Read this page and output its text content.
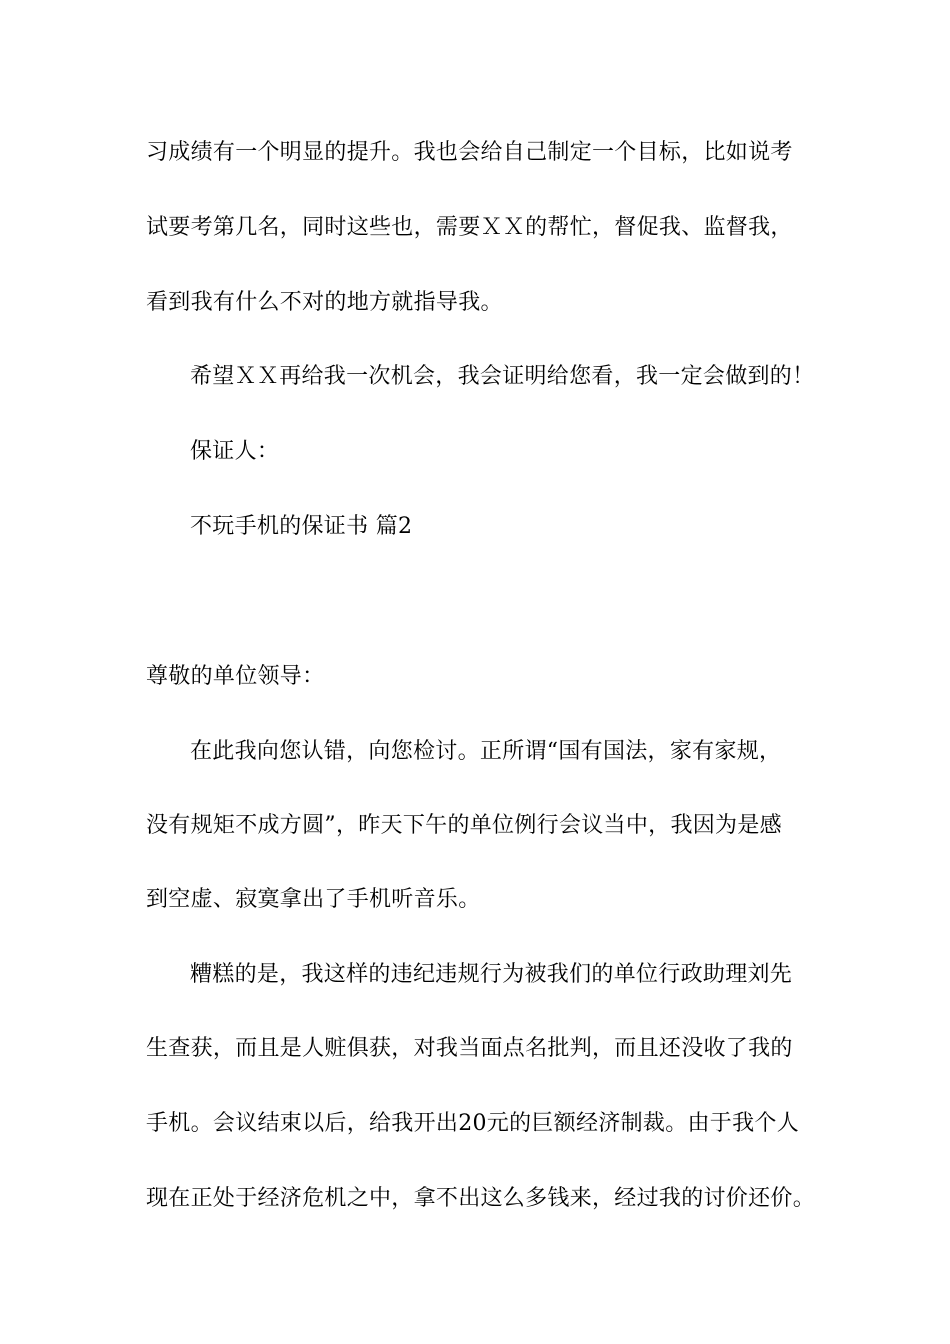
习成绩有一个明显的提升。我也会给自己制定一个目标，比如说考
试要考第几名，同时这些也，需要ＸＸ的帮忙，督促我、监督我，
看到我有什么不对的地方就指导我。
希望ＸＸ再给我一次机会，我会证明给您看，我一定会做到的！
保证人：
不玩手机的保证书 篇2
尊敬的单位领导：
在此我向您认错，向您检讨。正所谓“国有国法，家有家规，
没有规矩不成方圆”，昨天下午的单位例行会议当中，我因为是感
到空虚、寂寞拿出了手机听音乐。
糟糕的是，我这样的违纪违规行为被我们的单位行政助理刘先
生查获，而且是人赃俱获，对我当面点名批判，而且还没收了我的
手机。会议结束以后，给我开出20元的巨额经济制裁。由于我个人
现在正处于经济危机之中，拿不出这么多钱来，经过我的讨价还价。
